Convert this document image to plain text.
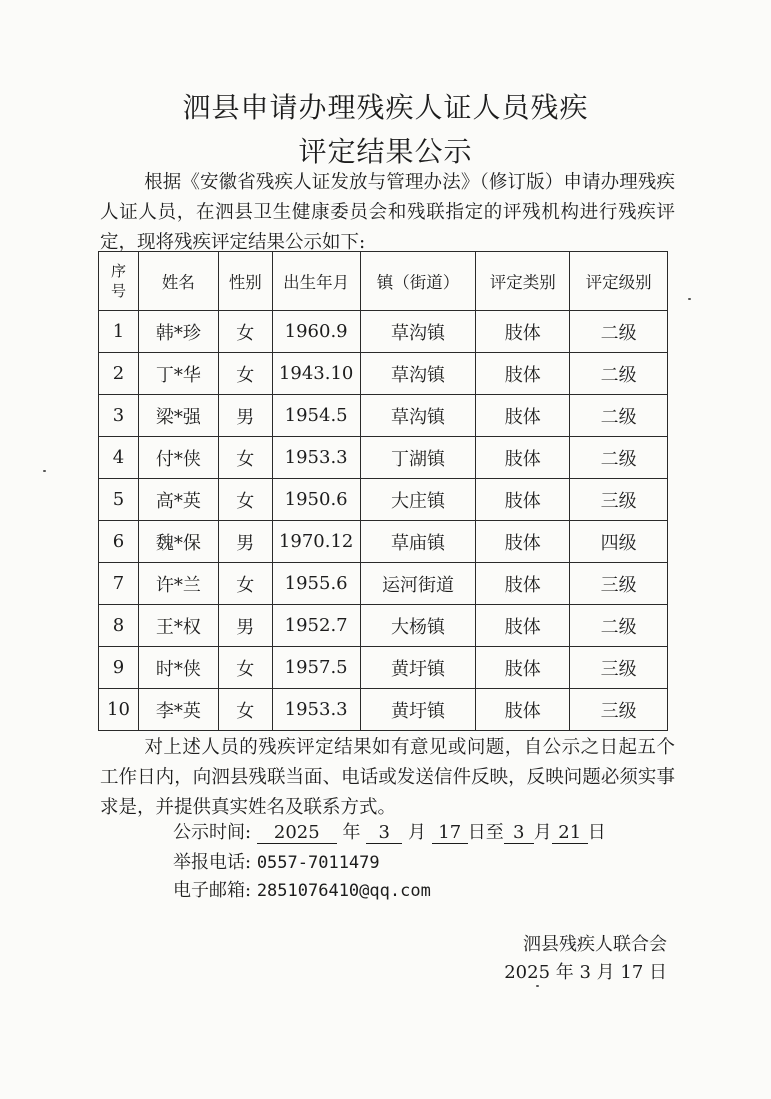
泗县申请办理残疾人证人员残疾
评定结果公示
根据《安徽省残疾人证发放与管理办法》（修订版）申请办理残疾人证人员，在泗县卫生健康委员会和残联指定的评残机构进行残疾评定，现将残疾评定结果公示如下:
序
号	姓名	性别	出生年月	镇（街道）	评定类别	评定级别
1	韩*珍	女	1960.9	草沟镇	肢体	二级
2	丁*华	女	1943.10	草沟镇	肢体	二级
3	梁*强	男	1954.5	草沟镇	肢体	二级
4	付*侠	女	1953.3	丁湖镇	肢体	二级
5	高*英	女	1950.6	大庄镇	肢体	三级
6	魏*保	男	1970.12	草庙镇	肢体	四级
7	许*兰	女	1955.6	运河街道	肢体	三级
8	王*权	男	1952.7	大杨镇	肢体	二级
9	时*侠	女	1957.5	黄圩镇	肢体	三级
10	李*英	女	1953.3	黄圩镇	肢体	三级
对上述人员的残疾评定结果如有意见或问题，自公示之日起五个工作日内，向泗县残联当面、电话或发送信件反映，反映问题必须实事求是，并提供真实姓名及联系方式。
公示时间: 2025 年 3 月 17 日至 3 月 21 日
举报电话: 0557-7011479
电子邮箱: 2851076410@qq.com
泗县残疾人联合会
2025 年 3 月 17 日
